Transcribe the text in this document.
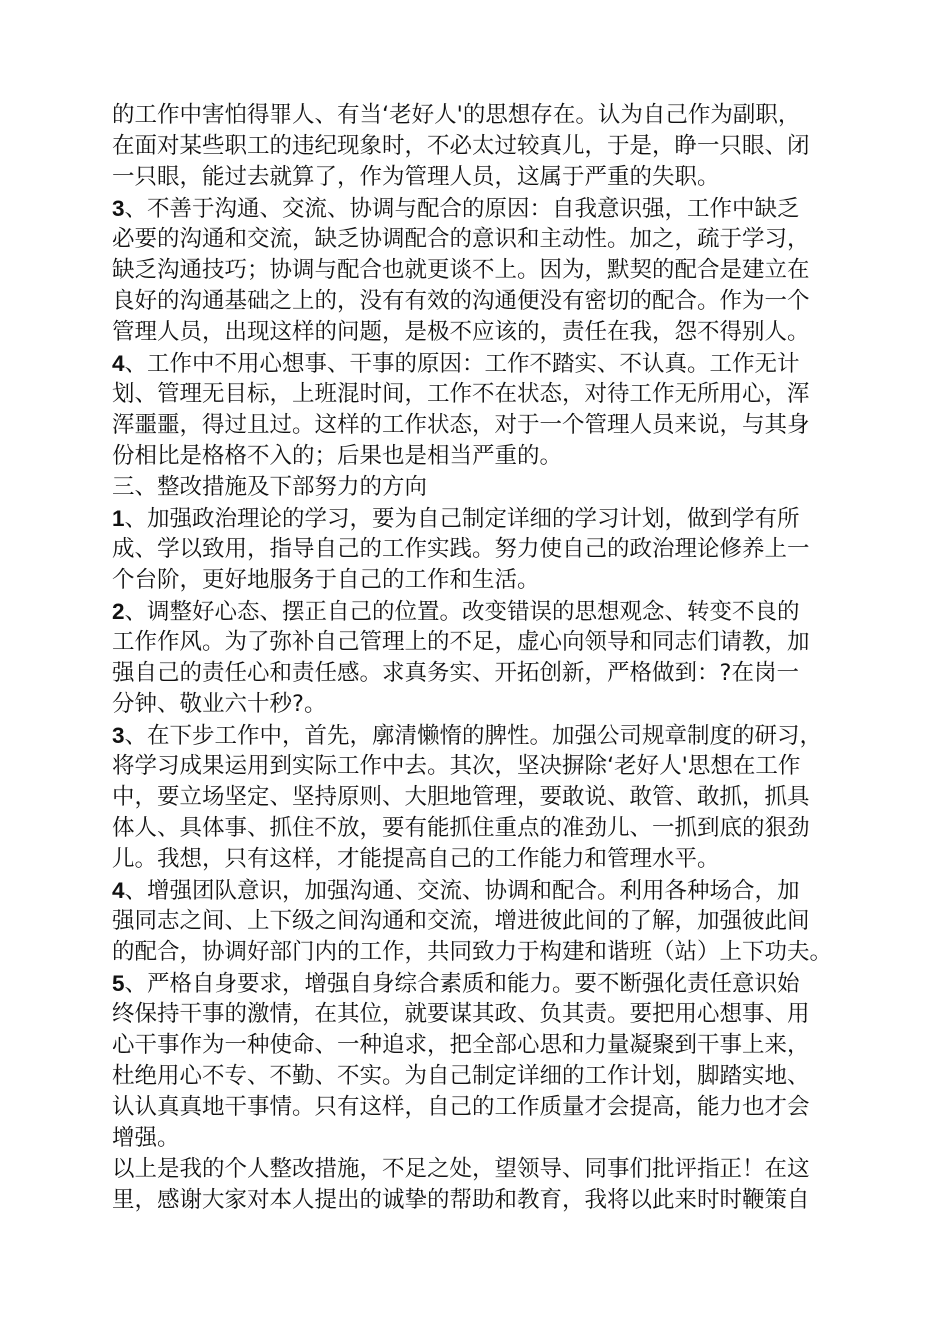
的工作中害怕得罪人、有当‘老好人'的思想存在。认为自己作为副职，
在面对某些职工的违纪现象时，不必太过较真儿，于是，睁一只眼、闭
一只眼，能过去就算了，作为管理人员，这属于严重的失职。
3、不善于沟通、交流、协调与配合的原因：自我意识强，工作中缺乏
必要的沟通和交流，缺乏协调配合的意识和主动性。加之，疏于学习，
缺乏沟通技巧；协调与配合也就更谈不上。因为，默契的配合是建立在
良好的沟通基础之上的，没有有效的沟通便没有密切的配合。作为一个
管理人员，出现这样的问题，是极不应该的，责任在我，怨不得别人。
4、工作中不用心想事、干事的原因：工作不踏实、不认真。工作无计
划、管理无目标，上班混时间，工作不在状态，对待工作无所用心，浑
浑噩噩，得过且过。这样的工作状态，对于一个管理人员来说，与其身
份相比是格格不入的；后果也是相当严重的。
三、整改措施及下部努力的方向
1、加强政治理论的学习，要为自己制定详细的学习计划，做到学有所
成、学以致用，指导自己的工作实践。努力使自己的政治理论修养上一
个台阶，更好地服务于自己的工作和生活。
2、调整好心态、摆正自己的位置。改变错误的思想观念、转变不良的
工作作风。为了弥补自己管理上的不足，虚心向领导和同志们请教，加
强自己的责任心和责任感。求真务实、开拓创新，严格做到：?在岗一
分钟、敬业六十秒?。
3、在下步工作中，首先，廓清懒惰的脾性。加强公司规章制度的研习，
将学习成果运用到实际工作中去。其次，坚决摒除‘老好人'思想在工作
中，要立场坚定、坚持原则、大胆地管理，要敢说、敢管、敢抓，抓具
体人、具体事、抓住不放，要有能抓住重点的准劲儿、一抓到底的狠劲
儿。我想，只有这样，才能提高自己的工作能力和管理水平。
4、增强团队意识，加强沟通、交流、协调和配合。利用各种场合，加
强同志之间、上下级之间沟通和交流，增进彼此间的了解，加强彼此间
的配合，协调好部门内的工作，共同致力于构建和谐班（站）上下功夫。
5、严格自身要求，增强自身综合素质和能力。要不断强化责任意识始
终保持干事的激情，在其位，就要谋其政、负其责。要把用心想事、用
心干事作为一种使命、一种追求，把全部心思和力量凝聚到干事上来，
杜绝用心不专、不勤、不实。为自己制定详细的工作计划，脚踏实地、
认认真真地干事情。只有这样，自己的工作质量才会提高，能力也才会
增强。
以上是我的个人整改措施，不足之处，望领导、同事们批评指正！在这
里，感谢大家对本人提出的诚挚的帮助和教育，我将以此来时时鞭策自
